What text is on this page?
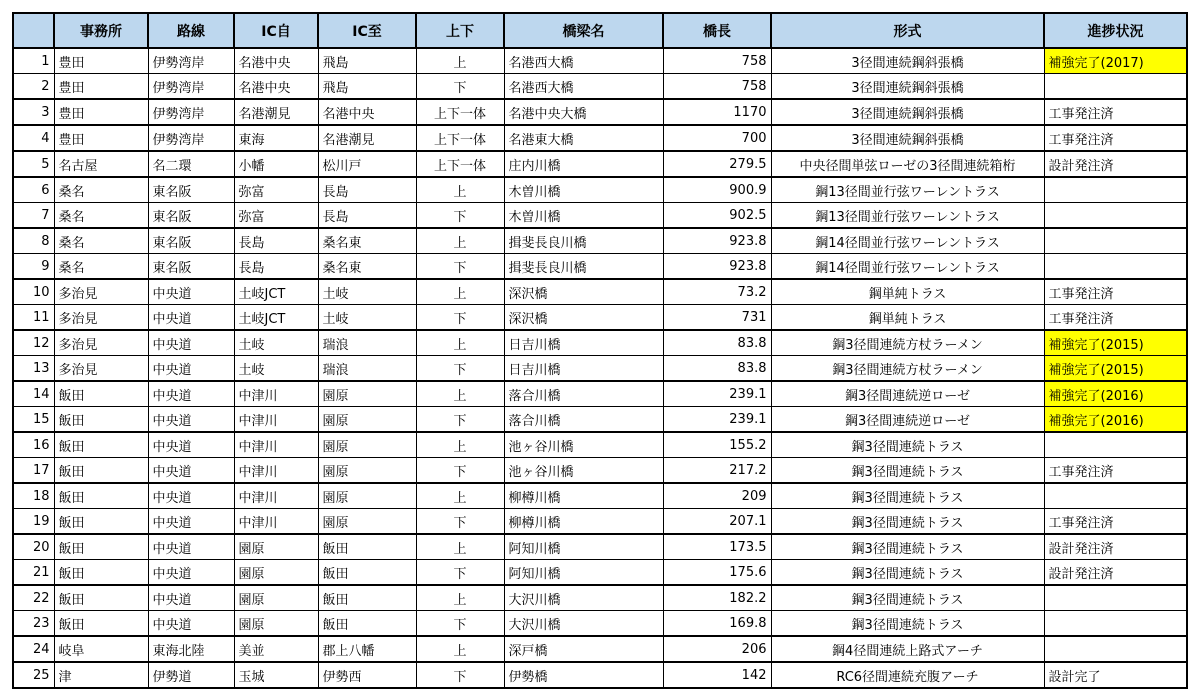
	事務所	路線	IC自	IC至	上下	橋梁名	橋長	形式	進捗状況
1	豊田	伊勢湾岸	名港中央	飛島	上	名港西大橋	758	3径間連続鋼斜張橋	補強完了(2017)
2	豊田	伊勢湾岸	名港中央	飛島	下	名港西大橋	758	3径間連続鋼斜張橋	
3	豊田	伊勢湾岸	名港潮見	名港中央	上下一体	名港中央大橋	1170	3径間連続鋼斜張橋	工事発注済
4	豊田	伊勢湾岸	東海	名港潮見	上下一体	名港東大橋	700	3径間連続鋼斜張橋	工事発注済
5	名古屋	名二環	小幡	松川戸	上下一体	庄内川橋	279.5	中央径間単弦ローゼの3径間連続箱桁	設計発注済
6	桑名	東名阪	弥富	長島	上	木曽川橋	900.9	鋼13径間並行弦ワーレントラス	
7	桑名	東名阪	弥富	長島	下	木曽川橋	902.5	鋼13径間並行弦ワーレントラス	
8	桑名	東名阪	長島	桑名東	上	揖斐長良川橋	923.8	鋼14径間並行弦ワーレントラス	
9	桑名	東名阪	長島	桑名東	下	揖斐長良川橋	923.8	鋼14径間並行弦ワーレントラス	
10	多治見	中央道	土岐JCT	土岐	上	深沢橋	73.2	鋼単純トラス	工事発注済
11	多治見	中央道	土岐JCT	土岐	下	深沢橋	731	鋼単純トラス	工事発注済
12	多治見	中央道	土岐	瑞浪	上	日吉川橋	83.8	鋼3径間連続方杖ラーメン	補強完了(2015)
13	多治見	中央道	土岐	瑞浪	下	日吉川橋	83.8	鋼3径間連続方杖ラーメン	補強完了(2015)
14	飯田	中央道	中津川	園原	上	落合川橋	239.1	鋼3径間連続逆ローゼ	補強完了(2016)
15	飯田	中央道	中津川	園原	下	落合川橋	239.1	鋼3径間連続逆ローゼ	補強完了(2016)
16	飯田	中央道	中津川	園原	上	池ヶ谷川橋	155.2	鋼3径間連続トラス	
17	飯田	中央道	中津川	園原	下	池ヶ谷川橋	217.2	鋼3径間連続トラス	工事発注済
18	飯田	中央道	中津川	園原	上	柳樽川橋	209	鋼3径間連続トラス	
19	飯田	中央道	中津川	園原	下	柳樽川橋	207.1	鋼3径間連続トラス	工事発注済
20	飯田	中央道	園原	飯田	上	阿知川橋	173.5	鋼3径間連続トラス	設計発注済
21	飯田	中央道	園原	飯田	下	阿知川橋	175.6	鋼3径間連続トラス	設計発注済
22	飯田	中央道	園原	飯田	上	大沢川橋	182.2	鋼3径間連続トラス	
23	飯田	中央道	園原	飯田	下	大沢川橋	169.8	鋼3径間連続トラス	
24	岐阜	東海北陸	美並	郡上八幡	上	深戸橋	206	鋼4径間連続上路式アーチ	
25	津	伊勢道	玉城	伊勢西	下	伊勢橋	142	RC6径間連続充腹アーチ	設計完了
